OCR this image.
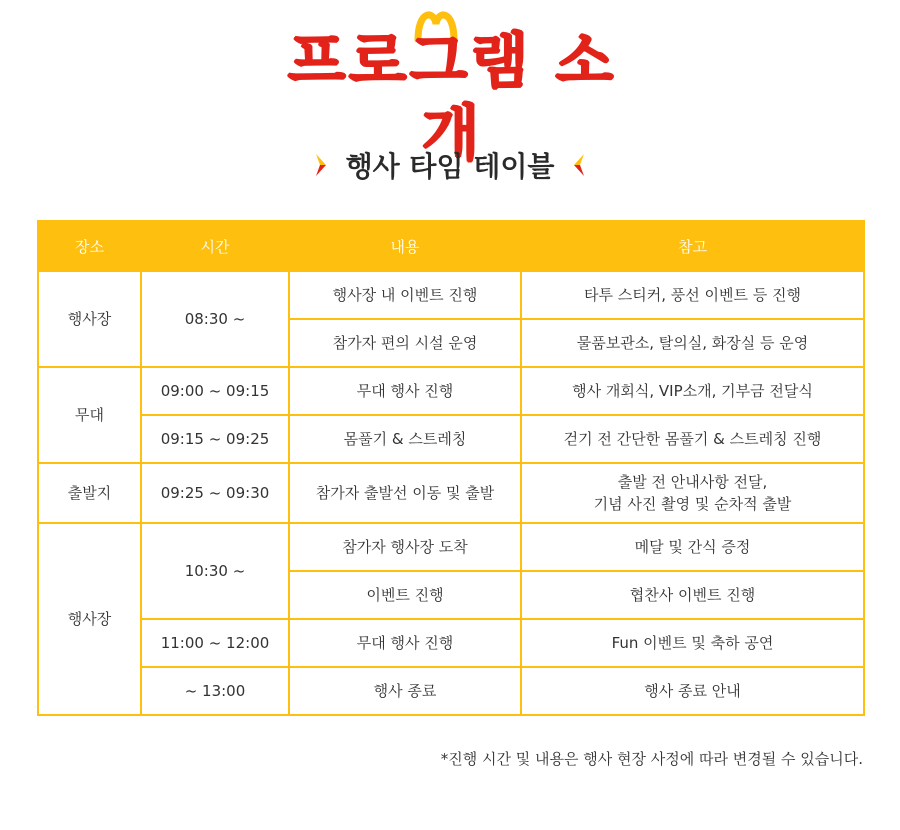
프로그램 소개
행사 타임 테이블
장소	시간	내용	참고
행사장	08:30 ~	행사장 내 이벤트 진행	타투 스티커, 풍선 이벤트 등 진행
		참가자 편의 시설 운영	물품보관소, 탈의실, 화장실 등 운영
무대	09:00 ~ 09:15	무대 행사 진행	행사 개회식, VIP소개, 기부금 전달식
	09:15 ~ 09:25	몸풀기 & 스트레칭	걷기 전 간단한 몸풀기 & 스트레칭 진행
출발지	09:25 ~ 09:30	참가자 출발선 이동 및 출발	출발 전 안내사항 전달,
기념 사진 촬영 및 순차적 출발

행사장	10:30 ~	참가자 행사장 도착	메달 및 간식 증정
		이벤트 진행	협찬사 이벤트 진행
	11:00 ~ 12:00	무대 행사 진행	Fun 이벤트 및 축하 공연
	~ 13:00	행사 종료	행사 종료 안내
*진행 시간 및 내용은 행사 현장 사정에 따라 변경될 수 있습니다.
